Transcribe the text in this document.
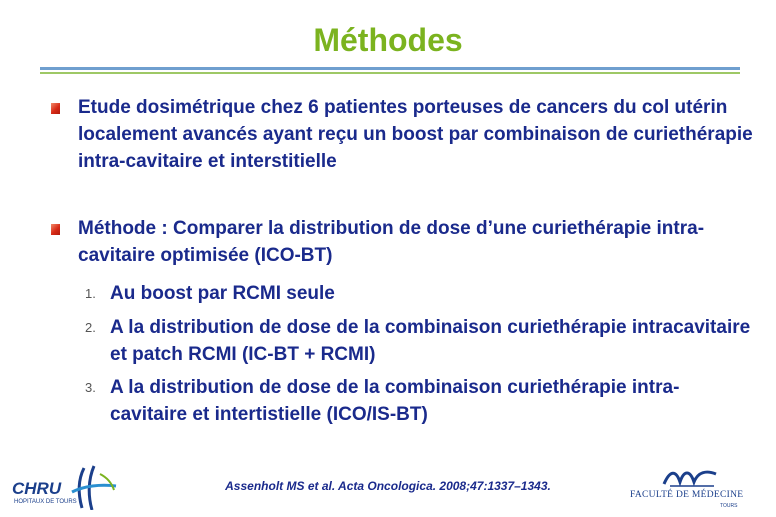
Méthodes
Etude dosimétrique chez 6 patientes porteuses de cancers du col utérin localement avancés ayant reçu un boost par combinaison de curiethérapie intra-cavitaire et interstitielle
Méthode : Comparer la distribution de dose d’une curiethérapie intra-cavitaire optimisée (ICO-BT)
1. Au boost par RCMI seule
2. A la distribution de dose de la combinaison curiethérapie intracavitaire et patch RCMI (IC-BT + RCMI)
3. A la distribution de dose de la combinaison curiethérapie intra-cavitaire et intertistielle (ICO/IS-BT)
Assenholt MS et al. Acta Oncologica. 2008;47:1337–1343.
CHRU
HOPITAUX DE TOURS
FACULTÉ DE MÉDECINE
TOURS
